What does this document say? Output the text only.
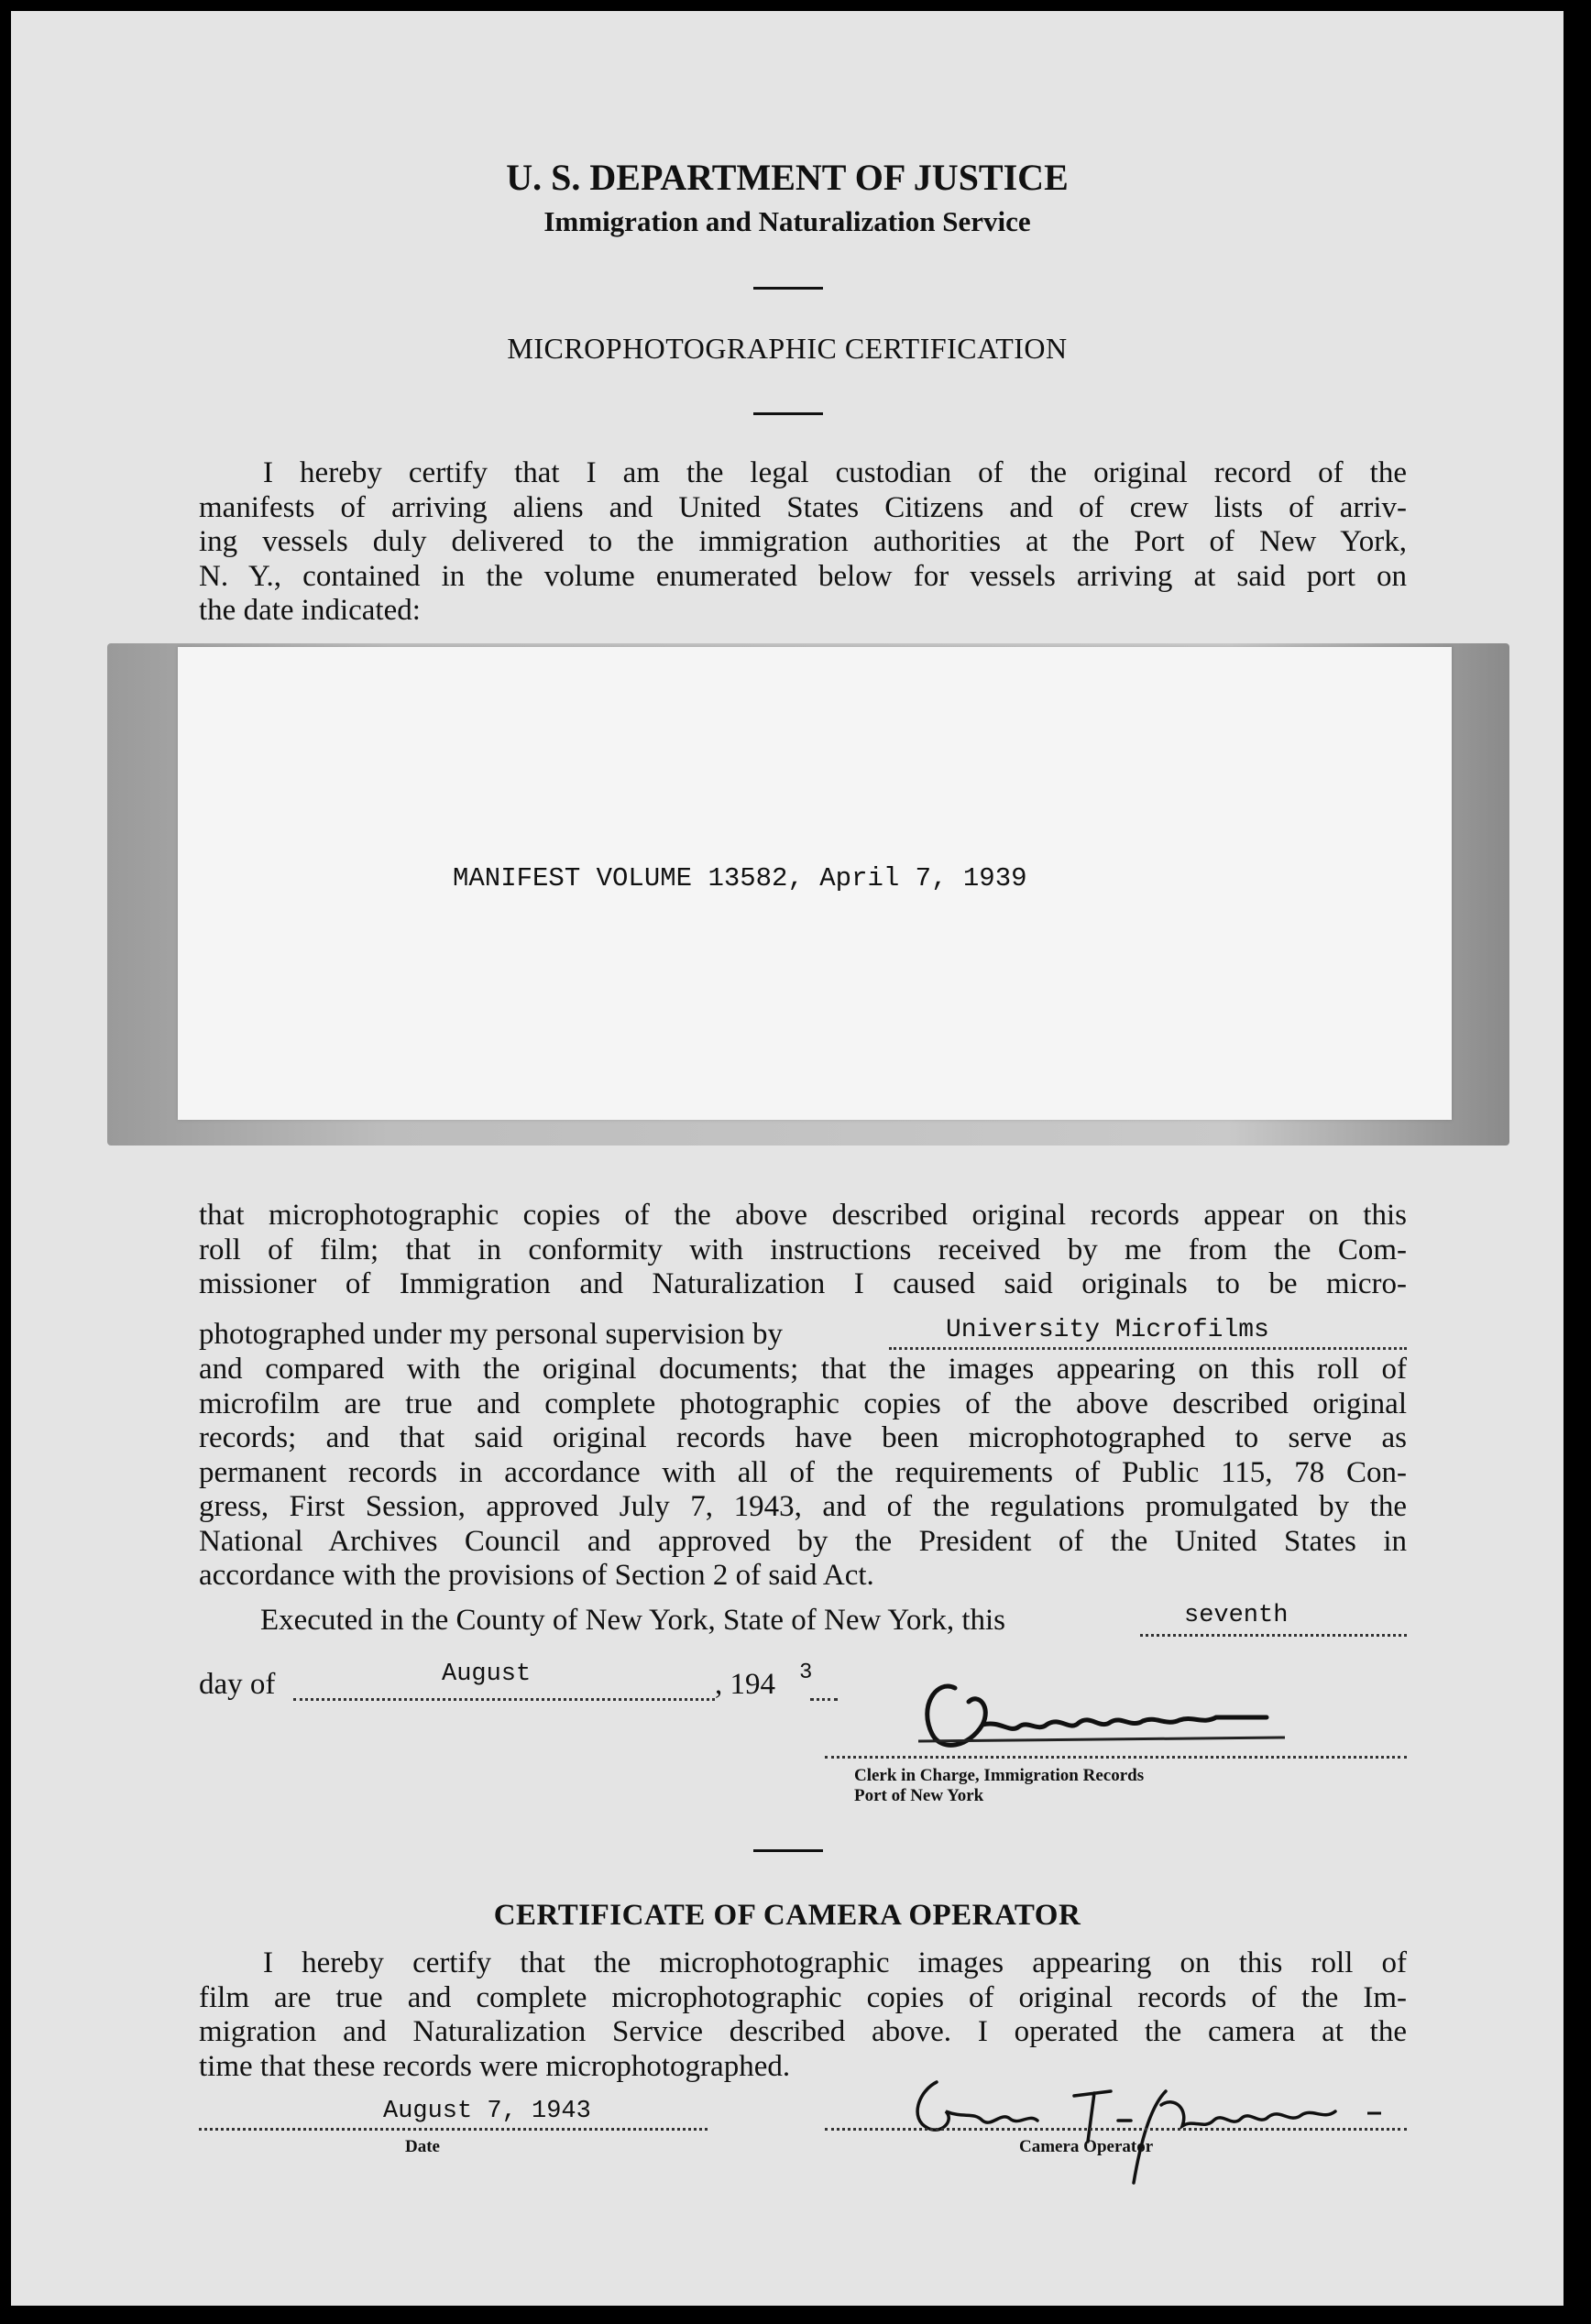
U. S. DEPARTMENT OF JUSTICE
Immigration and Naturalization Service
MICROPHOTOGRAPHIC CERTIFICATION
I hereby certify that I am the legal custodian of the original record of the
manifests of arriving aliens and United States Citizens and of crew lists of arriv-
ing vessels duly delivered to the immigration authorities at the Port of New York,
N. Y., contained in the volume enumerated below for vessels arriving at said port on
the date indicated:
MANIFEST VOLUME 13582, April 7, 1939
that microphotographic copies of the above described original records appear on this
roll of film; that in conformity with instructions received by me from the Com-
missioner of Immigration and Naturalization I caused said originals to be micro-
photographed under my personal supervision by	University Microfilms
and compared with the original documents; that the images appearing on this roll of
microfilm are true and complete photographic copies of the above described original
records; and that said original records have been microphotographed to serve as
permanent records in accordance with all of the requirements of Public 115, 78 Con-
gress, First Session, approved July 7, 1943, and of the regulations promulgated by the
National Archives Council and approved by the President of the United States in
accordance with the provisions of Section 2 of said Act.
Executed in the County of New York, State of New York, this	seventh
day of	August	, 194 3
Clerk in Charge, Immigration Records
Port of New York
CERTIFICATE OF CAMERA OPERATOR
I hereby certify that the microphotographic images appearing on this roll of
film are true and complete microphotographic copies of original records of the Im-
migration and Naturalization Service described above. I operated the camera at the
time that these records were microphotographed.
August 7, 1943
Date	Camera Operator
